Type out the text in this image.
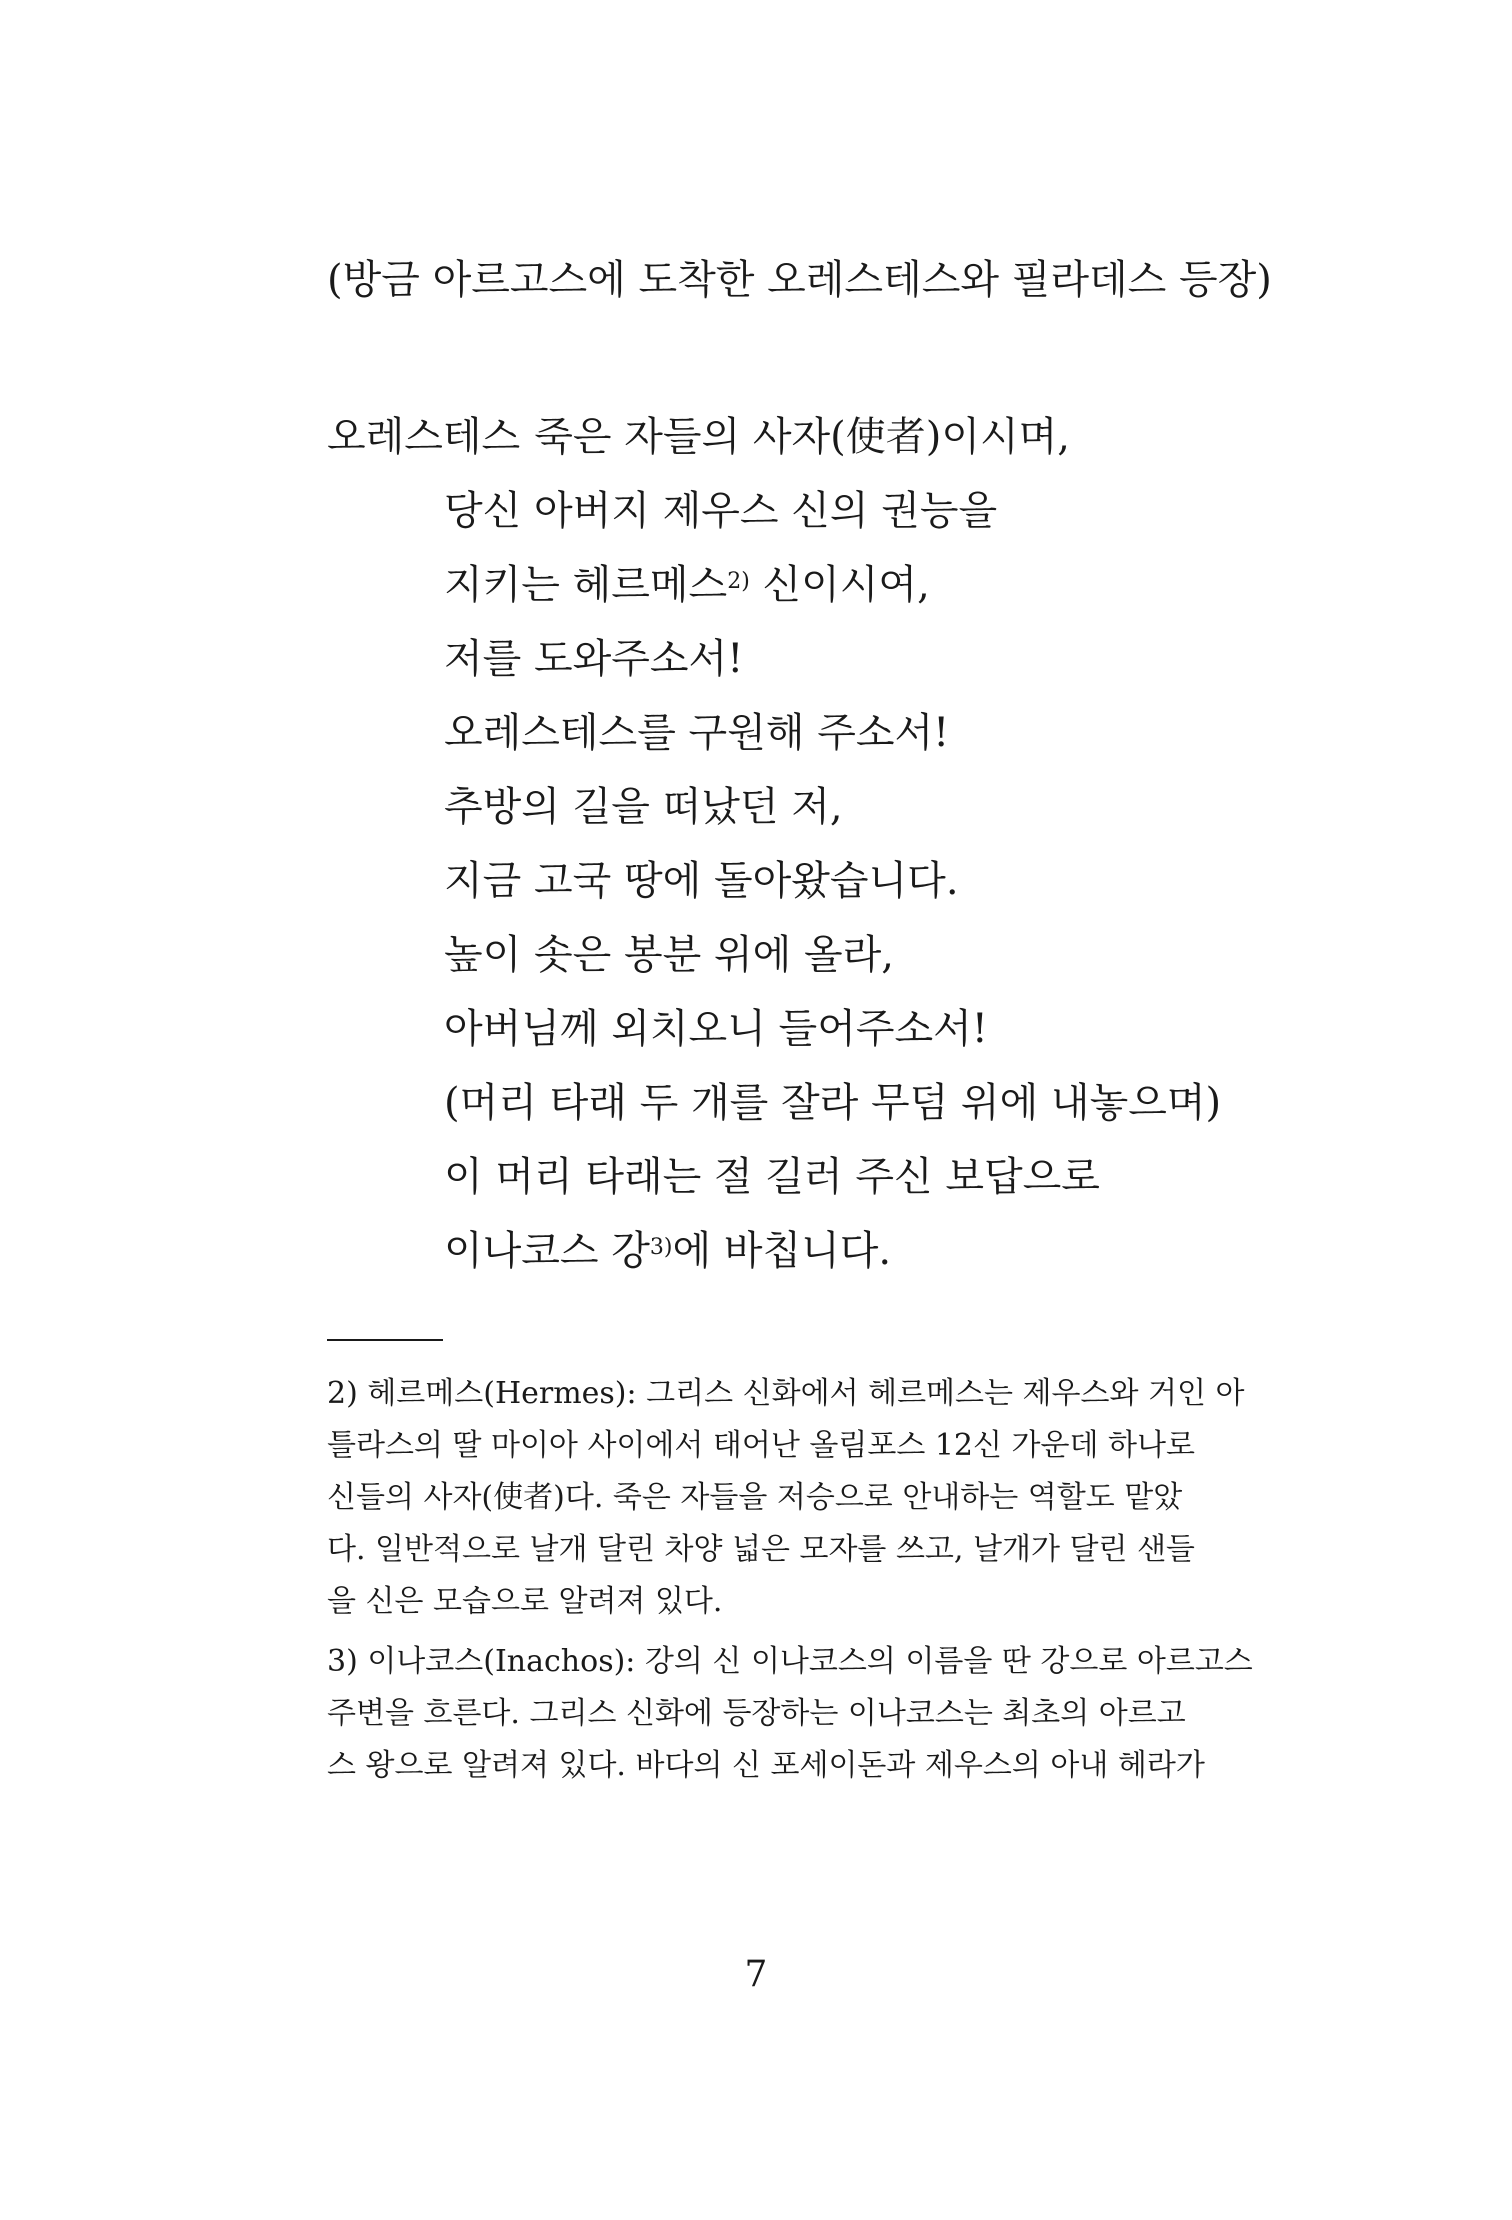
(방금 아르고스에 도착한 오레스테스와 필라데스 등장)
오레스테스 죽은 자들의 사자(使者)이시며,
당신 아버지 제우스 신의 권능을
지키는 헤르메스$^{2)}$ 신이시여,
저를 도와주소서!
오레스테스를 구원해 주소서!
추방의 길을 떠났던 저,
지금 고국 땅에 돌아왔습니다.
높이 솟은 봉분 위에 올라,
아버님께 외치오니 들어주소서!
(머리 타래 두 개를 잘라 무덤 위에 내놓으며)
이 머리 타래는 절 길러 주신 보답으로
이나코스 강$^{3)}$에 바칩니다.
2) 헤르메스(Hermes): 그리스 신화에서 헤르메스는 제우스와 거인 아
틀라스의 딸 마이아 사이에서 태어난 올림포스 12신 가운데 하나로
신들의 사자(使者)다. 죽은 자들을 저승으로 안내하는 역할도 맡았
다. 일반적으로 날개 달린 차양 넓은 모자를 쓰고, 날개가 달린 샌들
을 신은 모습으로 알려져 있다.
3) 이나코스(Inachos): 강의 신 이나코스의 이름을 딴 강으로 아르고스
주변을 흐른다. 그리스 신화에 등장하는 이나코스는 최초의 아르고
스 왕으로 알려져 있다. 바다의 신 포세이돈과 제우스의 아내 헤라가
7
